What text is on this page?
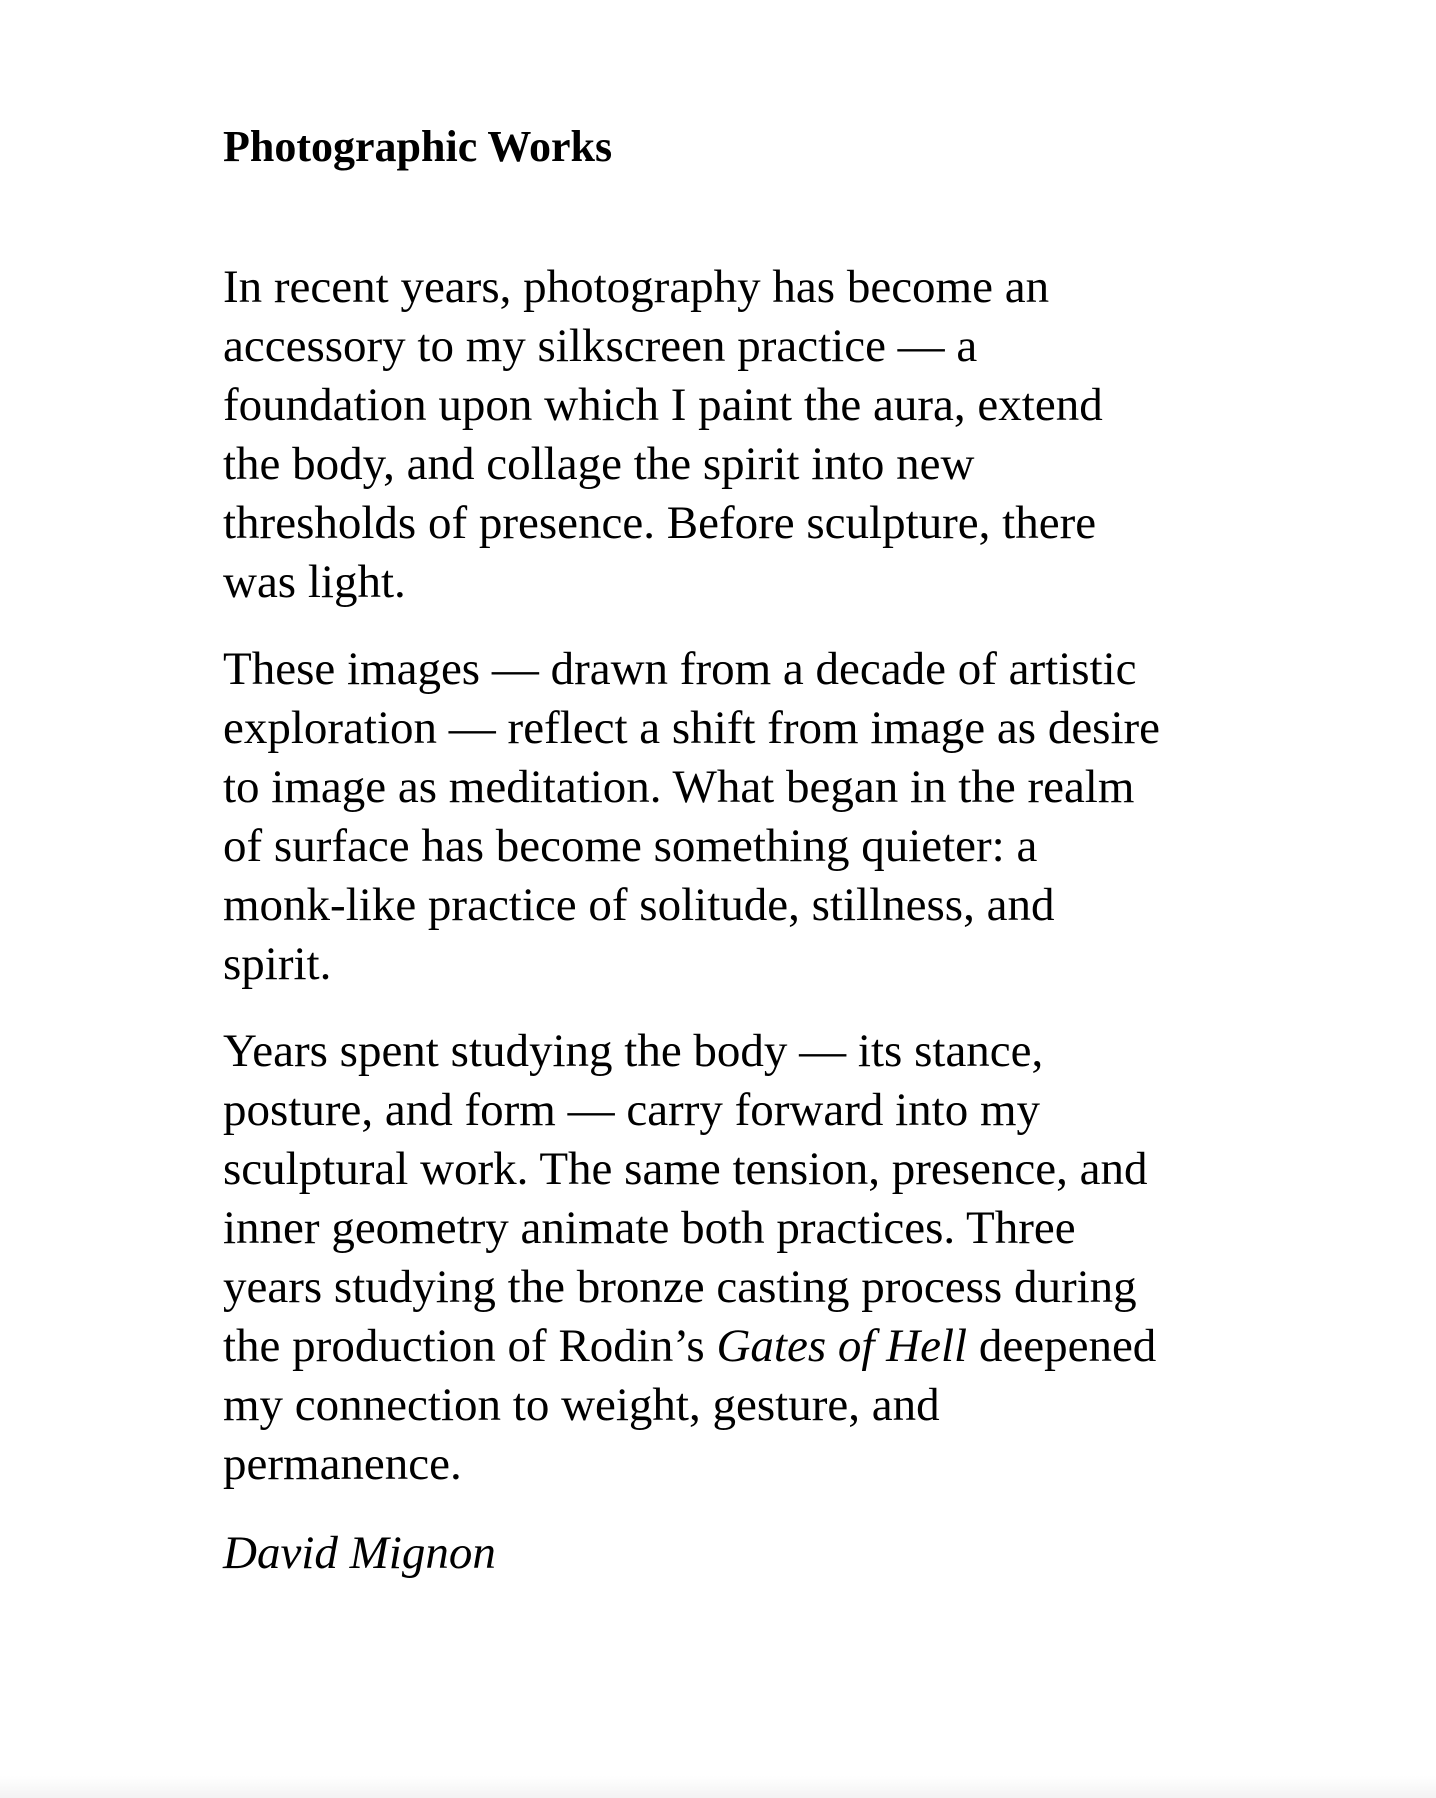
Photographic Works
In recent years, photography has become an
accessory to my silkscreen practice — a
foundation upon which I paint the aura, extend
the body, and collage the spirit into new
thresholds of presence. Before sculpture, there
was light.
These images — drawn from a decade of artistic
exploration — reflect a shift from image as desire
to image as meditation. What began in the realm
of surface has become something quieter: a
monk-like practice of solitude, stillness, and
spirit.
Years spent studying the body — its stance,
posture, and form — carry forward into my
sculptural work. The same tension, presence, and
inner geometry animate both practices. Three
years studying the bronze casting process during
the production of Rodin’s Gates of Hell deepened
my connection to weight, gesture, and
permanence.
David Mignon
